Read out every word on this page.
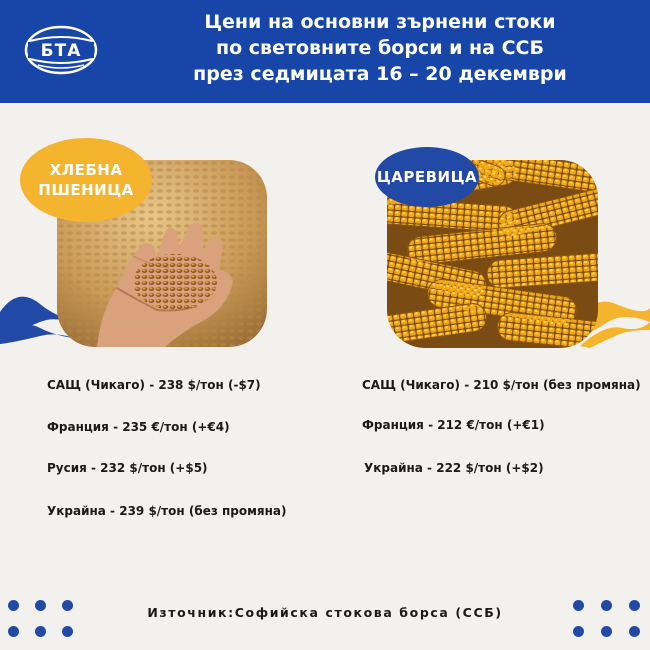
БТА
Цени на основни зърнени стоки
по световните борси и на ССБ
през седмицата 16 – 20 декември
ХЛЕБНА
ПШЕНИЦА
ЦАРЕВИЦА
САЩ (Чикаго) - 238 $/тон (-$7)
Франция - 235 €/тон (+€4)
Русия - 232 $/тон (+$5)
Украйна - 239 $/тон (без промяна)
САЩ (Чикаго) - 210 $/тон (без промяна)
Франция - 212 €/тон (+€1)
Украйна - 222 $/тон (+$2)
Източник:Софийска стокова борса (ССБ)
